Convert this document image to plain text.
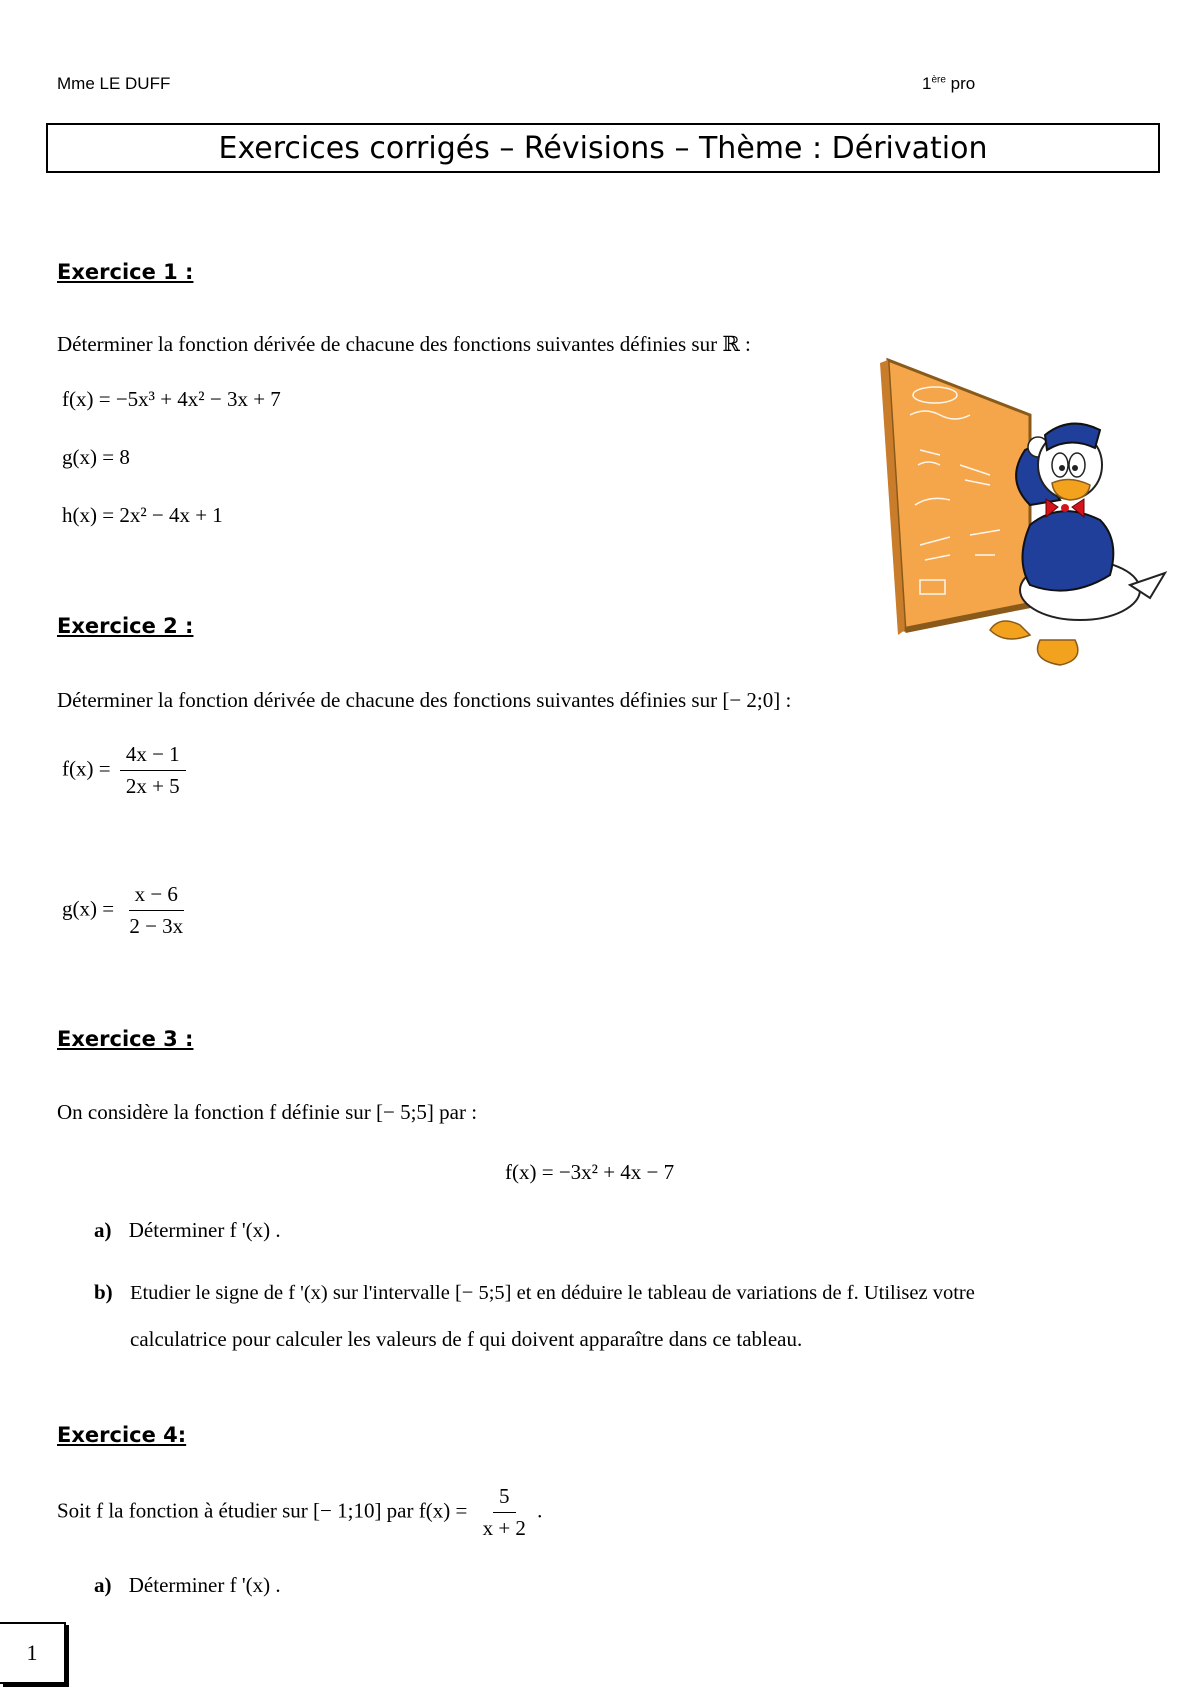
Mme LE DUFF	1ère pro
Exercices corrigés – Révisions – Thème : Dérivation
Exercice 1 :
Déterminer la fonction dérivée de chacune des fonctions suivantes définies sur ℝ :
f(x) = −5x³ + 4x² − 3x + 7
g(x) = 8
h(x) = 2x² − 4x + 1
Exercice 2 :
Déterminer la fonction dérivée de chacune des fonctions suivantes définies sur [− 2;0] :
$f(x) = \frac{4x - 1}{2x + 5}$
$g(x) = \frac{x - 6}{2 - 3x}$
Exercice 3 :
On considère la fonction f définie sur [− 5;5] par :
f(x) = −3x² + 4x − 7
a) Déterminer f '(x) .
b) Etudier le signe de f '(x) sur l'intervalle [− 5;5] et en déduire le tableau de variations de f. Utilisez votre
calculatrice pour calculer les valeurs de f qui doivent apparaître dans ce tableau.
Exercice 4:
Soit f la fonction à étudier sur [− 1;10] par $f(x) = \frac{5}{x + 2}$ .
a) Déterminer f '(x) .
1
